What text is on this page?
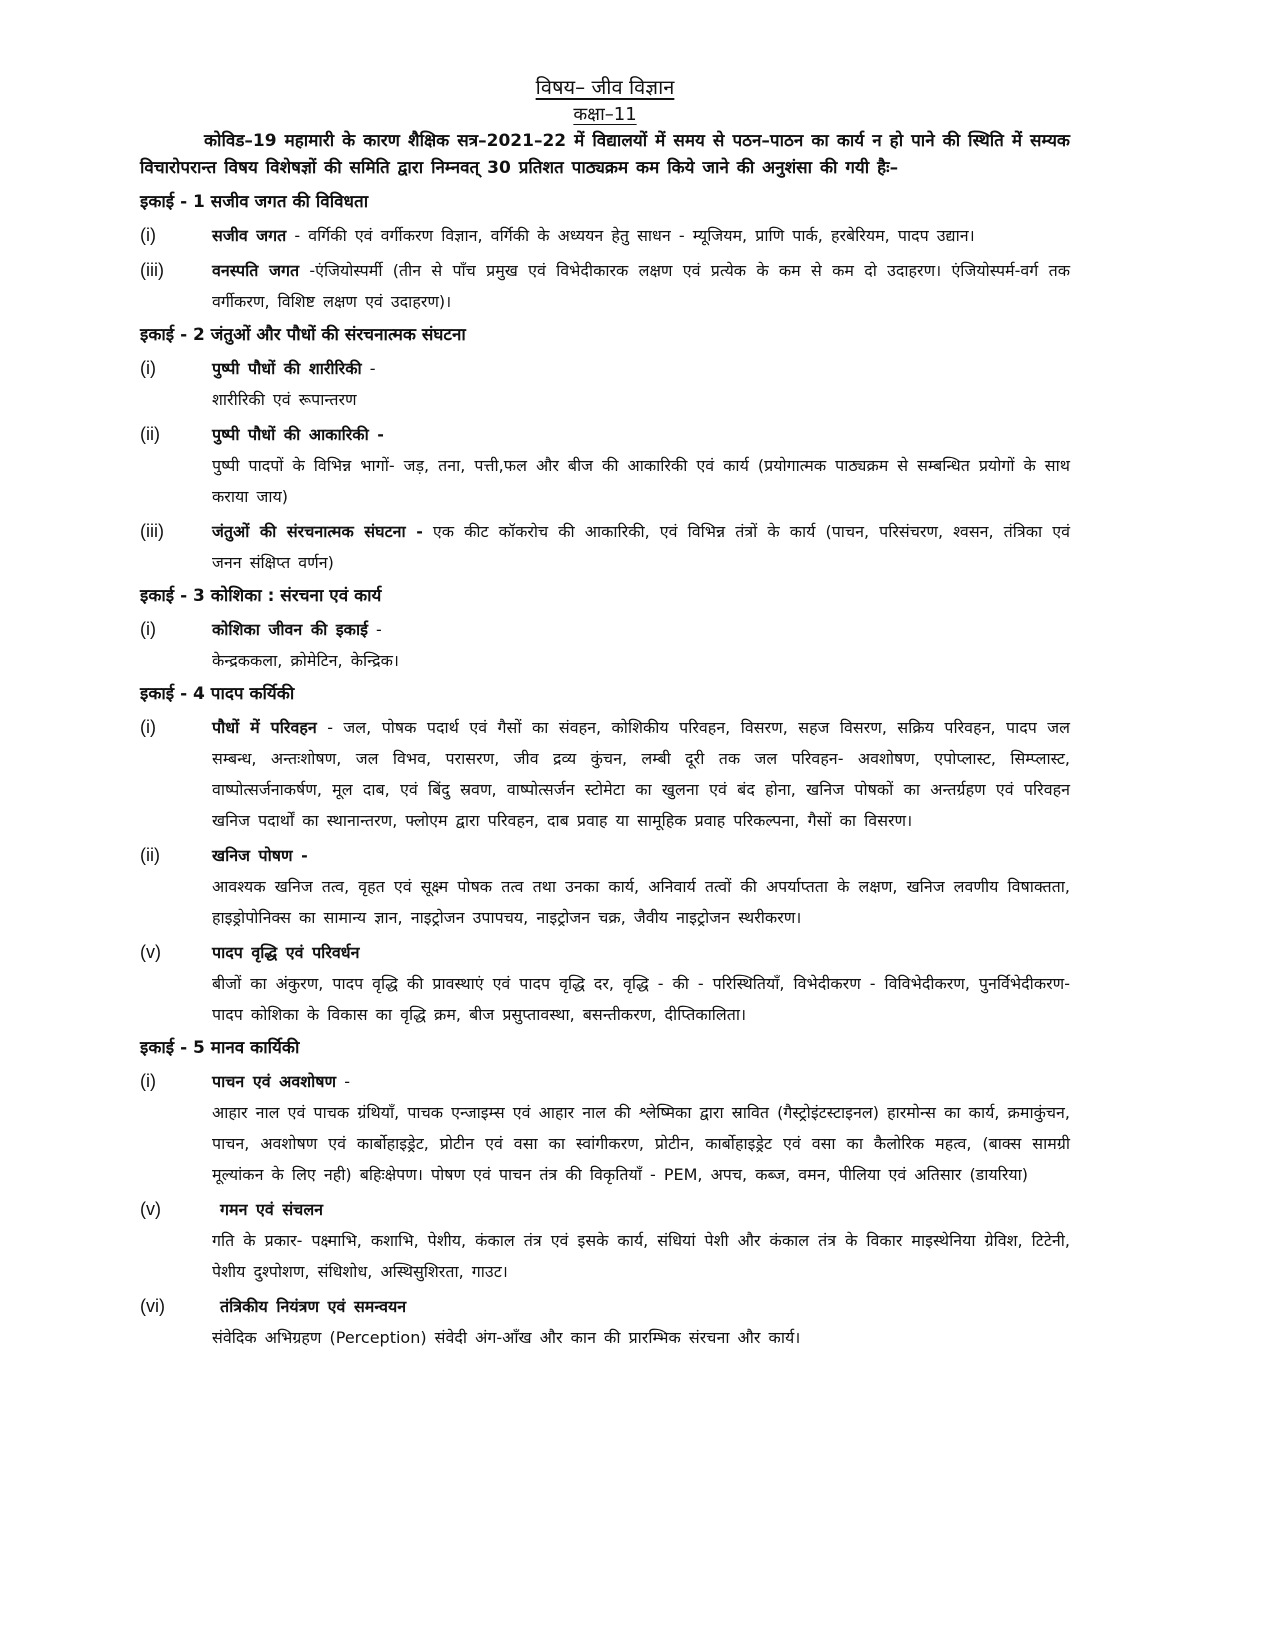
विषय– जीव विज्ञान
कक्षा–11

कोविड–19 महामारी के कारण शैक्षिक सत्र–2021–22 में विद्यालयों में समय से पठन–पाठन का कार्य न हो पाने की स्थिति में सम्यक विचारोपरान्त विषय विशेषज्ञों की समिति द्वारा निम्नवत् 30 प्रतिशत पाठ्यक्रम कम किये जाने की अनुशंसा की गयी हैः–

इकाई - 1 सजीव जगत की विविधता
(i)	सजीव जगत - वर्गिकी एवं वर्गीकरण विज्ञान, वर्गिकी के अध्ययन हेतु साधन - म्यूजियम, प्राणि पार्क, हरबेरियम, पादप उद्यान।
(iii)	वनस्पति जगत -एंजियोस्पर्मी (तीन से पाँच प्रमुख एवं विभेदीकारक लक्षण एवं प्रत्येक के कम से कम दो उदाहरण। एंजियोस्पर्म-वर्ग तक वर्गीकरण, विशिष्ट लक्षण एवं उदाहरण)।
इकाई - 2 जंतुओं और पौधों की संरचनात्मक संघटना
(i)	पुष्पी पौधों की शारीरिकी -
शारीरिकी एवं रूपान्तरण
(ii)	पुष्पी पौधों की आकारिकी -
पुष्पी पादपों के विभिन्न भागों- जड़, तना, पत्ती,फल और बीज की आकारिकी एवं कार्य (प्रयोगात्मक पाठ्यक्रम से सम्बन्धित प्रयोगों के साथ कराया जाय)
(iii)	जंतुओं की संरचनात्मक संघटना - एक कीट कॉकरोच की आकारिकी, एवं विभिन्न तंत्रों के कार्य (पाचन, परिसंचरण, श्वसन, तंत्रिका एवं जनन संक्षिप्त वर्णन)
इकाई - 3 कोशिका : संरचना एवं कार्य
(i)	कोशिका जीवन की इकाई -
केन्द्रककला, क्रोमेटिन, केन्द्रिक।
इकाई - 4 पादप कर्यिकी
(i)	पौधों में परिवहन - जल, पोषक पदार्थ एवं गैसों का संवहन, कोशिकीय परिवहन, विसरण, सहज विसरण, सक्रिय परिवहन, पादप जल सम्बन्ध, अन्तःशोषण, जल विभव, परासरण, जीव द्रव्य कुंचन, लम्बी दूरी तक जल परिवहन- अवशोषण, एपोप्लास्ट, सिम्प्लास्ट, वाष्पोत्सर्जनाकर्षण, मूल दाब, एवं बिंदु स्रवण, वाष्पोत्सर्जन स्टोमेटा का खुलना एवं बंद होना, खनिज पोषकों का अन्तर्ग्रहण एवं परिवहन खनिज पदार्थों का स्थानान्तरण, फ्लोएम द्वारा परिवहन, दाब प्रवाह या सामूहिक प्रवाह परिकल्पना, गैसों का विसरण।
(ii)	खनिज पोषण -
आवश्यक खनिज तत्व, वृहत एवं सूक्ष्म पोषक तत्व तथा उनका कार्य, अनिवार्य तत्वों की अपर्याप्तता के लक्षण, खनिज लवणीय विषाक्तता, हाइड्रोपोनिक्स का सामान्य ज्ञान, नाइट्रोजन उपापचय, नाइट्रोजन चक्र, जैवीय नाइट्रोजन स्थरीकरण।
(v)	पादप वृद्धि एवं परिवर्धन
बीजों का अंकुरण, पादप वृद्धि की प्रावस्थाएं एवं पादप वृद्धि दर, वृद्धि - की - परिस्थितियाँ, विभेदीकरण - विविभेदीकरण, पुनर्विभेदीकरण-पादप कोशिका के विकास का वृद्धि क्रम, बीज प्रसुप्तावस्था, बसन्तीकरण, दीप्तिकालिता।
इकाई - 5 मानव कार्यिकी
(i)	पाचन एवं अवशोषण -
आहार नाल एवं पाचक ग्रंथियाँ, पाचक एन्जाइम्स एवं आहार नाल की श्लेष्मिका द्वारा स्रावित (गैस्ट्रोइंटस्टाइनल) हारमोन्स का कार्य, क्रमाकुंचन, पाचन, अवशोषण एवं कार्बोहाइड्रेट, प्रोटीन एवं वसा का स्वांगीकरण, प्रोटीन, कार्बोहाइड्रेट एवं वसा का कैलोरिक महत्व, (बाक्स सामग्री मूल्यांकन के लिए नही) बहिःक्षेपण। पोषण एवं पाचन तंत्र की विकृतियाँ - PEM, अपच, कब्ज, वमन, पीलिया एवं अतिसार (डायरिया)
(v)	गमन एवं संचलन
गति के प्रकार- पक्ष्माभि, कशाभि, पेशीय, कंकाल तंत्र एवं इसके कार्य, संधियां पेशी और कंकाल तंत्र के विकार माइस्थेनिया ग्रेविश, टिटेनी, पेशीय दुश्पोशण, संधिशोध, अस्थिसुशिरता, गाउट।
(vi)	तंत्रिकीय नियंत्रण एवं समन्वयन
संवेदिक अभिग्रहण (Perception) संवेदी अंग-आँख और कान की प्रारम्भिक संरचना और कार्य।
